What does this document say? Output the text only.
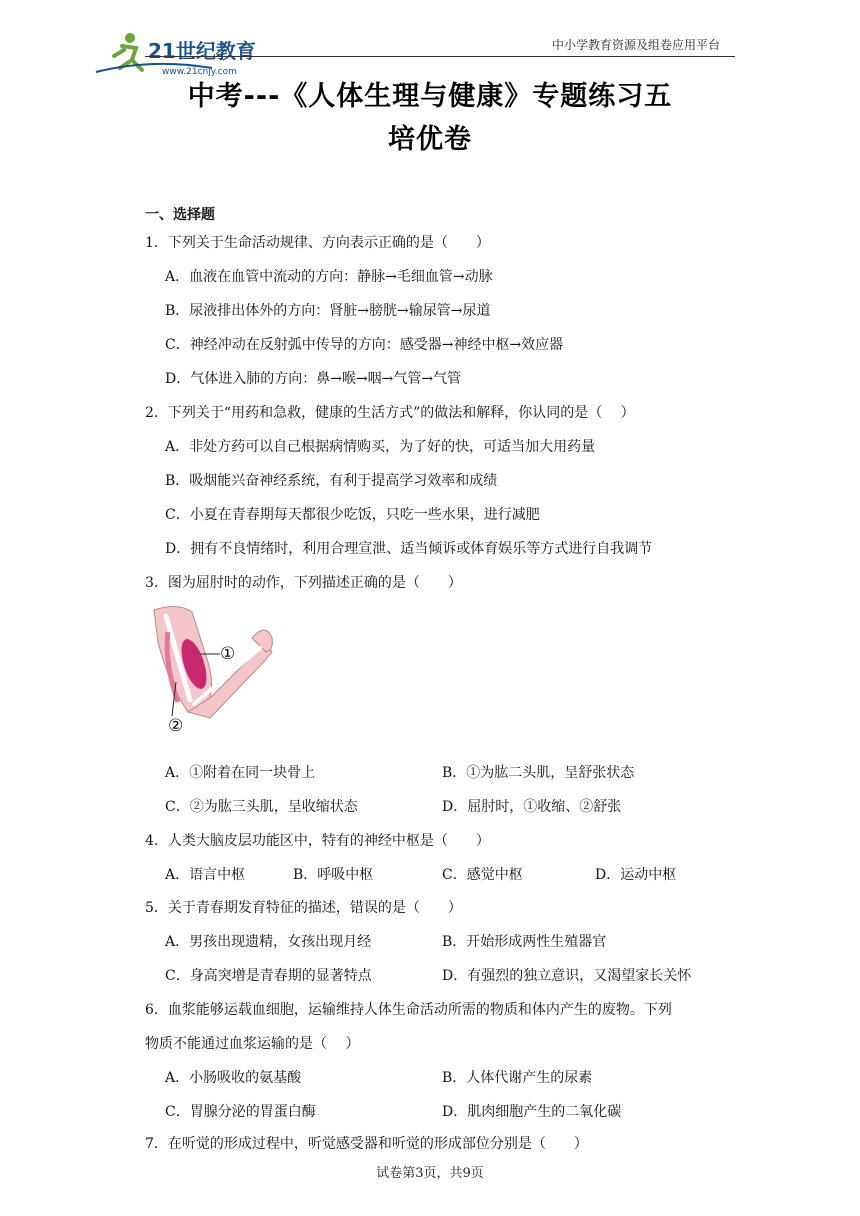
21世纪教育
www.21cnjy.com
中小学教育资源及组卷应用平台
中考---《人体生理与健康》专题练习五
培优卷
一、选择题
1．下列关于生命活动规律、方向表示正确的是（　　）
A．血液在血管中流动的方向：静脉→毛细血管→动脉
B．尿液排出体外的方向：肾脏→膀胱→输尿管→尿道
C．神经冲动在反射弧中传导的方向：感受器→神经中枢→效应器
D．气体进入肺的方向：鼻→喉→咽→气管→气管
2．下列关于“用药和急救，健康的生活方式”的做法和解释，你认同的是（　 ）
A．非处方药可以自己根据病情购买，为了好的快，可适当加大用药量
B．吸烟能兴奋神经系统，有利于提高学习效率和成绩
C．小夏在青春期每天都很少吃饭，只吃一些水果，进行减肥
D．拥有不良情绪时，利用合理宣泄、适当倾诉或体育娱乐等方式进行自我调节
3．图为屈肘时的动作，下列描述正确的是（　　）
①
②
A．①附着在同一块骨上	B．①为肱二头肌，呈舒张状态
C．②为肱三头肌，呈收缩状态	D．屈肘时，①收缩、②舒张
4．人类大脑皮层功能区中，特有的神经中枢是（　　）
A．语言中枢	B．呼吸中枢	C．感觉中枢	D．运动中枢
5．关于青春期发育特征的描述，错误的是（　　）
A．男孩出现遗精，女孩出现月经	B．开始形成两性生殖器官
C．身高突增是青春期的显著特点	D．有强烈的独立意识，又渴望家长关怀
6．血浆能够运载血细胞，运输维持人体生命活动所需的物质和体内产生的废物。下列
物质不能通过血浆运输的是（　 ）
A．小肠吸收的氨基酸	B．人体代谢产生的尿素
C．胃腺分泌的胃蛋白酶	D．肌肉细胞产生的二氧化碳
7．在听觉的形成过程中，听觉感受器和听觉的形成部位分别是（　　）
试卷第3页，共9页
